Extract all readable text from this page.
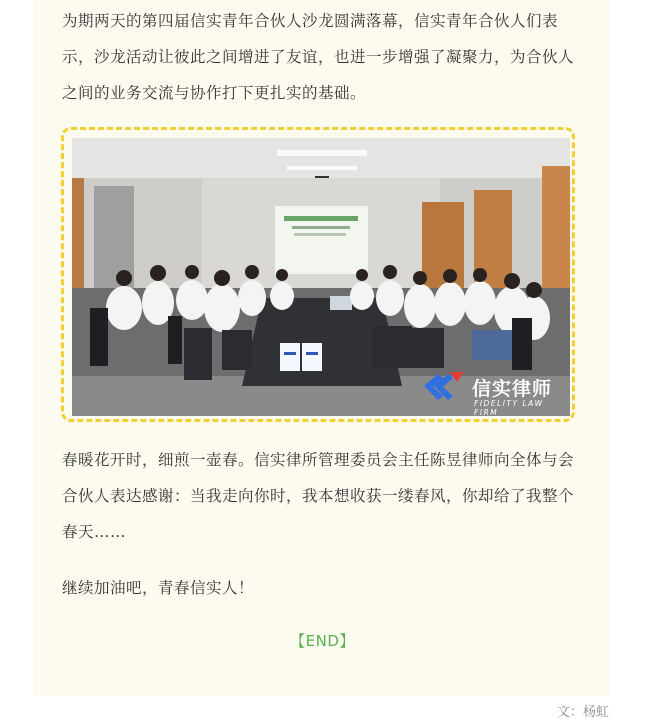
为期两天的第四届信实青年合伙人沙龙圆满落幕，信实青年合伙人们表示，沙龙活动让彼此之间增进了友谊，也进一步增强了凝聚力，为合伙人之间的业务交流与协作打下更扎实的基础。

信实律师
FIDELITY LAW FIRM

春暖花开时，细煎一壶春。信实律所管理委员会主任陈昱律师向全体与会合伙人表达感谢：当我走向你时，我本想收获一缕春风，你却给了我整个春天……

继续加油吧，青春信实人！

【END】
文：杨虹
